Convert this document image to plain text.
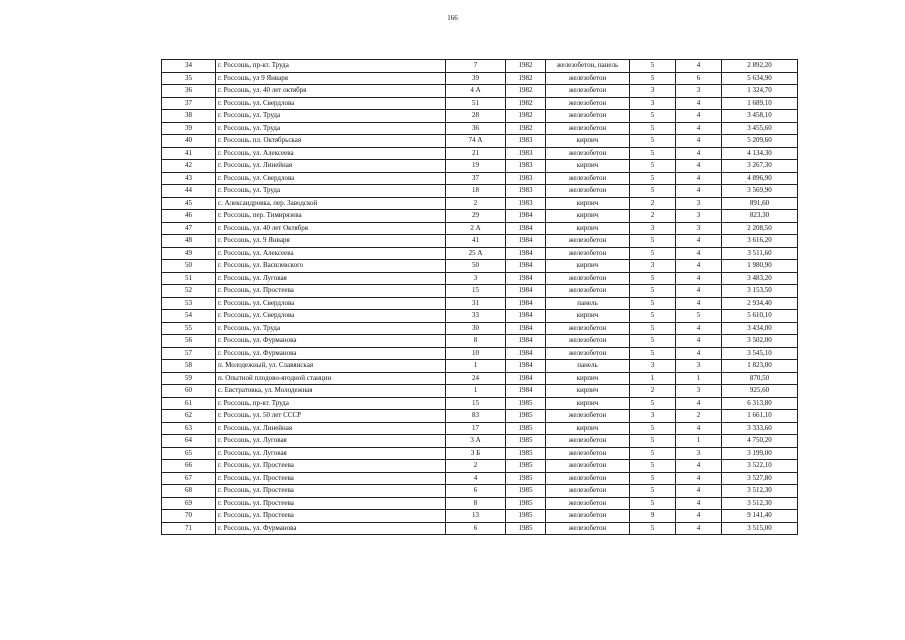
166
34	г. Россошь, пр-кт. Труда	7	1982	железобетон, панель	5	4	2 892,20
35	г. Россошь, ул 9 Января	39	1982	железобетон	5	6	5 634,90
36	г. Россошь, ул. 40 лет октября	4 А	1982	железобетон	3	3	1 324,70
37	г. Россошь, ул. Свердлова	51	1982	железобетон	3	4	1 689,10
38	г. Россошь, ул. Труда	28	1982	железобетон	5	4	3 458,10
39	г. Россошь, ул. Труда	36	1982	железобетон	5	4	3 455,60
40	г. Россошь, пл. Октябрьская	74 А	1983	кирпич	5	4	5 209,60
41	г. Россошь, ул. Алексеева	21	1983	железобетон	5	4	4 134,30
42	г. Россошь, ул. Линейная	19	1983	кирпич	5	4	3 267,30
43	г. Россошь, ул. Свердлова	37	1983	железобетон	5	4	4 896,90
44	г. Россошь, ул. Труда	18	1983	железобетон	5	4	3 569,90
45	с. Александровка, пер. Заводской	2	1983	кирпич	2	3	891,60
46	г. Россошь, пер. Тимирязева	29	1984	кирпич	2	3	823,30
47	г. Россошь, ул. 40 лет Октября	2 А	1984	кирпич	3	3	2 208,50
48	г. Россошь, ул. 9 Января	41	1984	железобетон	5	4	3 616,20
49	г. Россошь, ул. Алексеева	25 А	1984	железобетон	5	4	3 511,60
50	г. Россошь, ул. Василевского	50	1984	кирпич	3	4	1 980,90
51	г. Россошь, ул. Луговая	3	1984	железобетон	5	4	3 483,20
52	г. Россошь, ул. Простеева	15	1984	железобетон	5	4	3 153,50
53	г. Россошь, ул. Свердлова	31	1984	панель	5	4	2 934,40
54	г. Россошь, ул. Свердлова	33	1984	кирпич	5	5	5 610,10
55	г. Россошь, ул. Труда	30	1984	железобетон	5	4	3 434,00
56	г. Россошь, ул. Фурманова	8	1984	железобетон	5	4	3 502,00
57	г. Россошь, ул. Фурманова	10	1984	железобетон	5	4	3 545,10
58	п. Молодежный, ул. Славянская	1	1984	панель	3	3	1 823,00
59	п. Опытной плодово-ягодной станции	24	1984	кирпич	1	1	870,50
60	с. Евстратовка, ул. Молодежная	1	1984	кирпич	2	3	925,60
61	г. Россошь, пр-кт. Труда	15	1985	кирпич	5	4	6 313,80
62	г. Россошь, ул. 50 лет СССР	83	1985	железобетон	3	2	1 661,10
63	г. Россошь, ул. Линейная	17	1985	кирпич	5	4	3 333,60
64	г. Россошь, ул. Луговая	3 А	1985	железобетон	5	1	4 750,20
65	г. Россошь, ул. Луговая	3 Б	1985	железобетон	5	3	3 199,00
66	г. Россошь, ул. Простеева	2	1985	железобетон	5	4	3 522,10
67	г. Россошь, ул. Простеева	4	1985	железобетон	5	4	3 527,80
68	г. Россошь, ул. Простеева	6	1985	железобетон	5	4	3 512,30
69	г. Россошь, ул. Простеева	8	1985	железобетон	5	4	3 512,30
70	г. Россошь, ул. Простеева	13	1985	железобетон	9	4	9 141,40
71	г. Россошь, ул. Фурманова	6	1985	железобетон	5	4	3 515,00
